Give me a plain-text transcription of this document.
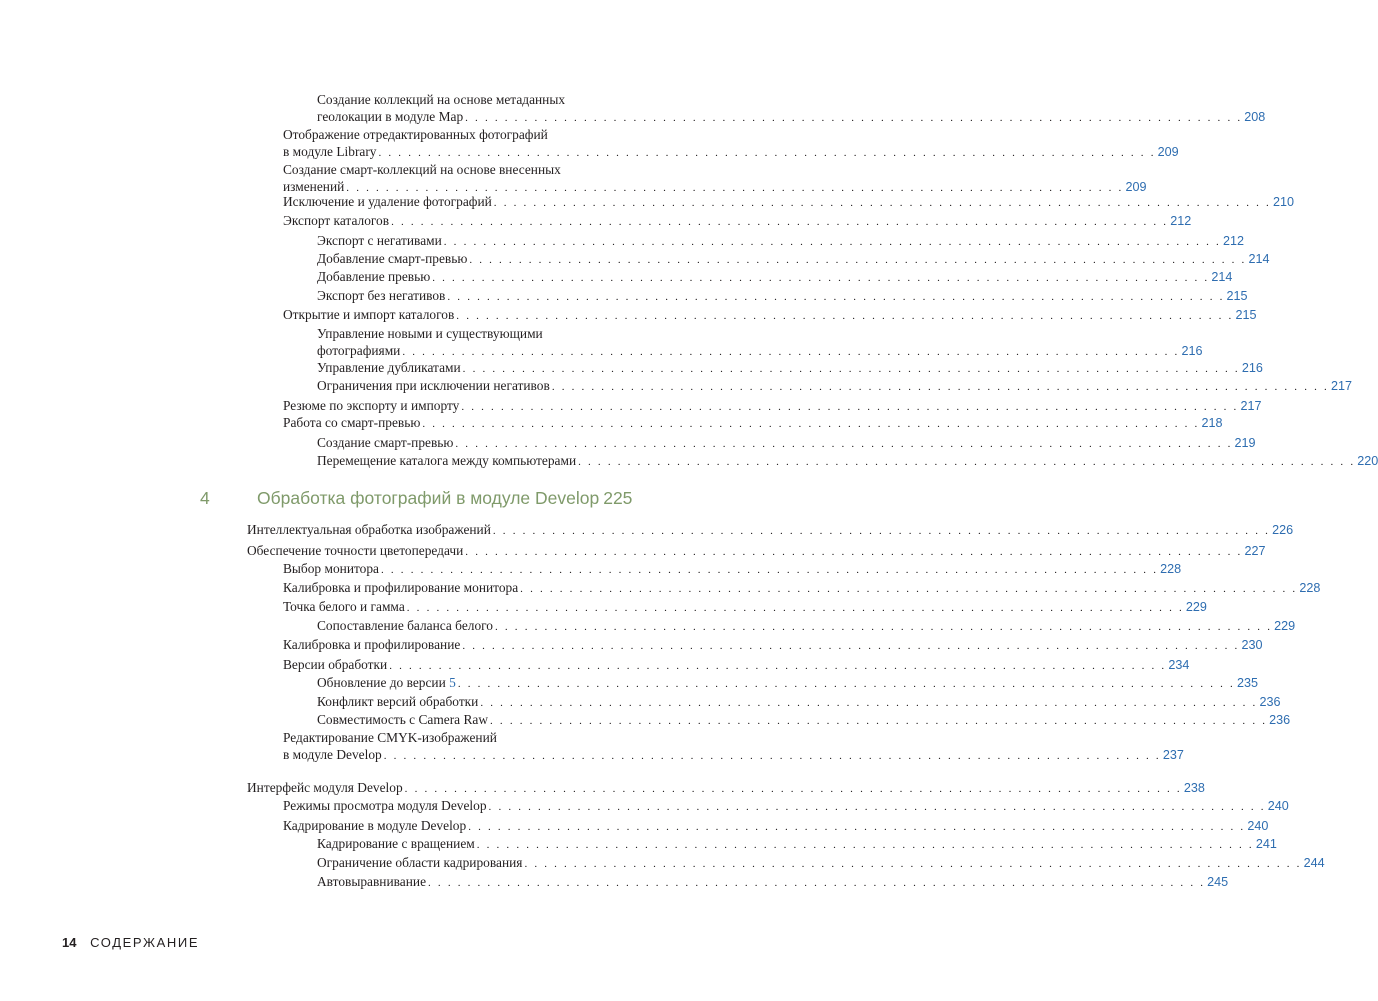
Создание коллекций на основе метаданных
геолокации в модуле Map . . . . . . . . . . . . . . . . . . . . . . . . . . . . . . . . . . . . . . . . . . . . . . . . . . . . . . . . . . . . . . . . . . . . . . . . . . . . . . . 208
Отображение отредактированных фотографий
в модуле Library . . . . . . . . . . . . . . . . . . . . . . . . . . . . . . . . . . . . . . . . . . . . . . . . . . . . . . . . . . . . . . . . . . . . . . . . . . . . . . . 209
Создание смарт-коллекций на основе внесенных
изменений . . . . . . . . . . . . . . . . . . . . . . . . . . . . . . . . . . . . . . . . . . . . . . . . . . . . . . . . . . . . . . . . . . . . . . . . . . . . . . . 209
Исключение и удаление фотографий . . . . . . . . . . . . . . . . . . . . . . . . . . . . . . . . . . . . . . . . . . . . . . . . . . . . . . . . . . . . . . . . . . . . . . . . . . . . . . . 210
Экспорт каталогов . . . . . . . . . . . . . . . . . . . . . . . . . . . . . . . . . . . . . . . . . . . . . . . . . . . . . . . . . . . . . . . . . . . . . . . . . . . . . . . 212
Экспорт с негативами . . . . . . . . . . . . . . . . . . . . . . . . . . . . . . . . . . . . . . . . . . . . . . . . . . . . . . . . . . . . . . . . . . . . . . . . . . . . . . . 212
Добавление смарт-превью . . . . . . . . . . . . . . . . . . . . . . . . . . . . . . . . . . . . . . . . . . . . . . . . . . . . . . . . . . . . . . . . . . . . . . . . . . . . . . . 214
Добавление превью . . . . . . . . . . . . . . . . . . . . . . . . . . . . . . . . . . . . . . . . . . . . . . . . . . . . . . . . . . . . . . . . . . . . . . . . . . . . . . . 214
Экспорт без негативов . . . . . . . . . . . . . . . . . . . . . . . . . . . . . . . . . . . . . . . . . . . . . . . . . . . . . . . . . . . . . . . . . . . . . . . . . . . . . . . 215
Открытие и импорт каталогов . . . . . . . . . . . . . . . . . . . . . . . . . . . . . . . . . . . . . . . . . . . . . . . . . . . . . . . . . . . . . . . . . . . . . . . . . . . . . . . 215
Управление новыми и существующими
фотографиями . . . . . . . . . . . . . . . . . . . . . . . . . . . . . . . . . . . . . . . . . . . . . . . . . . . . . . . . . . . . . . . . . . . . . . . . . . . . . . . 216
Управление дубликатами . . . . . . . . . . . . . . . . . . . . . . . . . . . . . . . . . . . . . . . . . . . . . . . . . . . . . . . . . . . . . . . . . . . . . . . . . . . . . . . 216
Ограничения при исключении негативов . . . . . . . . . . . . . . . . . . . . . . . . . . . . . . . . . . . . . . . . . . . . . . . . . . . . . . . . . . . . . . . . . . . . . . . . . . . . . . . 217
Резюме по экспорту и импорту . . . . . . . . . . . . . . . . . . . . . . . . . . . . . . . . . . . . . . . . . . . . . . . . . . . . . . . . . . . . . . . . . . . . . . . . . . . . . . . 217
Работа со смарт-превью . . . . . . . . . . . . . . . . . . . . . . . . . . . . . . . . . . . . . . . . . . . . . . . . . . . . . . . . . . . . . . . . . . . . . . . . . . . . . . . 218
Создание смарт-превью . . . . . . . . . . . . . . . . . . . . . . . . . . . . . . . . . . . . . . . . . . . . . . . . . . . . . . . . . . . . . . . . . . . . . . . . . . . . . . . 219
Перемещение каталога между компьютерами . . . . . . . . . . . . . . . . . . . . . . . . . . . . . . . . . . . . . . . . . . . . . . . . . . . . . . . . . . . . . . . . . . . . . . . . . . . . . . . 220
Интеллектуальная обработка изображений . . . . . . . . . . . . . . . . . . . . . . . . . . . . . . . . . . . . . . . . . . . . . . . . . . . . . . . . . . . . . . . . . . . . . . . . . . . . . . . 226
Обеспечение точности цветопередачи . . . . . . . . . . . . . . . . . . . . . . . . . . . . . . . . . . . . . . . . . . . . . . . . . . . . . . . . . . . . . . . . . . . . . . . . . . . . . . . 227
Выбор монитора . . . . . . . . . . . . . . . . . . . . . . . . . . . . . . . . . . . . . . . . . . . . . . . . . . . . . . . . . . . . . . . . . . . . . . . . . . . . . . . 228
Калибровка и профилирование монитора . . . . . . . . . . . . . . . . . . . . . . . . . . . . . . . . . . . . . . . . . . . . . . . . . . . . . . . . . . . . . . . . . . . . . . . . . . . . . . . 228
Точка белого и гамма . . . . . . . . . . . . . . . . . . . . . . . . . . . . . . . . . . . . . . . . . . . . . . . . . . . . . . . . . . . . . . . . . . . . . . . . . . . . . . . 229
Сопоставление баланса белого . . . . . . . . . . . . . . . . . . . . . . . . . . . . . . . . . . . . . . . . . . . . . . . . . . . . . . . . . . . . . . . . . . . . . . . . . . . . . . . 229
Калибровка и профилирование . . . . . . . . . . . . . . . . . . . . . . . . . . . . . . . . . . . . . . . . . . . . . . . . . . . . . . . . . . . . . . . . . . . . . . . . . . . . . . . 230
Версии обработки . . . . . . . . . . . . . . . . . . . . . . . . . . . . . . . . . . . . . . . . . . . . . . . . . . . . . . . . . . . . . . . . . . . . . . . . . . . . . . . 234
Обновление до версии
5 . . . . . . . . . . . . . . . . . . . . . . . . . . . . . . . . . . . . . . . . . . . . . . . . . . . . . . . . . . . . . . . . . . . . . . . . . . . . . . . 235
Конфликт версий обработки . . . . . . . . . . . . . . . . . . . . . . . . . . . . . . . . . . . . . . . . . . . . . . . . . . . . . . . . . . . . . . . . . . . . . . . . . . . . . . . 236
Совместимость с Camera Raw . . . . . . . . . . . . . . . . . . . . . . . . . . . . . . . . . . . . . . . . . . . . . . . . . . . . . . . . . . . . . . . . . . . . . . . . . . . . . . . 236
Редактирование CMYK-изображений
в модуле Develop . . . . . . . . . . . . . . . . . . . . . . . . . . . . . . . . . . . . . . . . . . . . . . . . . . . . . . . . . . . . . . . . . . . . . . . . . . . . . . . 237
Интерфейс модуля Develop . . . . . . . . . . . . . . . . . . . . . . . . . . . . . . . . . . . . . . . . . . . . . . . . . . . . . . . . . . . . . . . . . . . . . . . . . . . . . . . 238
Режимы просмотра модуля Develop . . . . . . . . . . . . . . . . . . . . . . . . . . . . . . . . . . . . . . . . . . . . . . . . . . . . . . . . . . . . . . . . . . . . . . . . . . . . . . . 240
Кадрирование в модуле Develop . . . . . . . . . . . . . . . . . . . . . . . . . . . . . . . . . . . . . . . . . . . . . . . . . . . . . . . . . . . . . . . . . . . . . . . . . . . . . . . 240
Кадрирование с вращением . . . . . . . . . . . . . . . . . . . . . . . . . . . . . . . . . . . . . . . . . . . . . . . . . . . . . . . . . . . . . . . . . . . . . . . . . . . . . . . 241
Ограничение области кадрирования . . . . . . . . . . . . . . . . . . . . . . . . . . . . . . . . . . . . . . . . . . . . . . . . . . . . . . . . . . . . . . . . . . . . . . . . . . . . . . . 244
Автовыравнивание . . . . . . . . . . . . . . . . . . . . . . . . . . . . . . . . . . . . . . . . . . . . . . . . . . . . . . . . . . . . . . . . . . . . . . . . . . . . . . . 245
4	Обработка фотографий в модуле Develop 225
14 СОДЕРЖАНИЕ
